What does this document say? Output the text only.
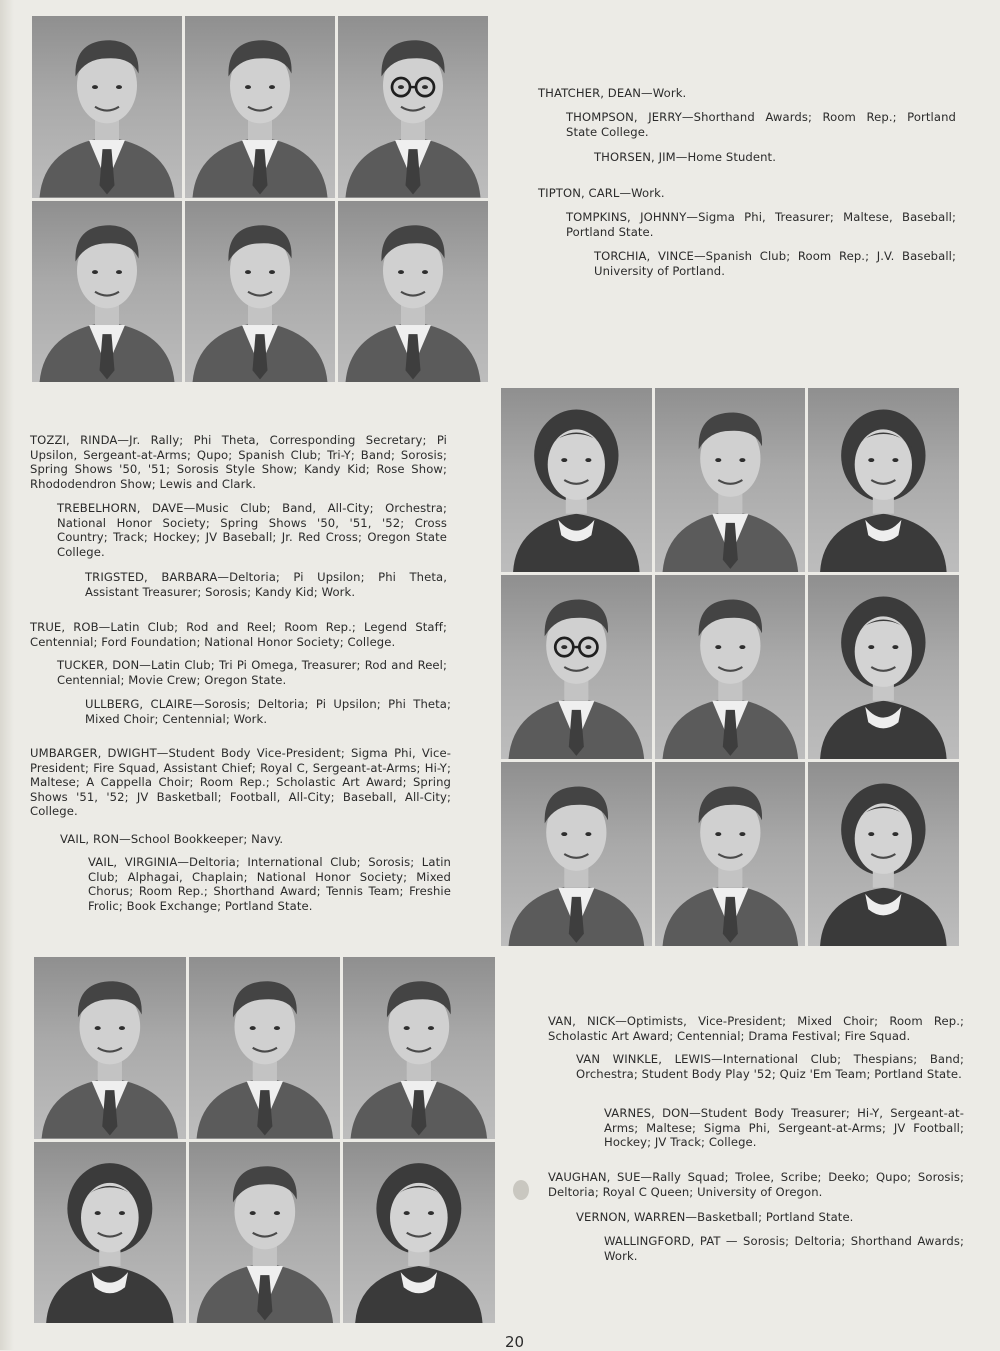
THATCHER, DEAN—Work.

THOMPSON, JERRY—Shorthand Awards; Room Rep.; Portland State College.

THORSEN, JIM—Home Student.

TIPTON, CARL—Work.

TOMPKINS, JOHNNY—Sigma Phi, Treasurer; Maltese, Baseball; Portland State.

TORCHIA, VINCE—Spanish Club; Room Rep.; J.V. Baseball; University of Portland.

TOZZI, RINDA—Jr. Rally; Phi Theta, Corresponding Secretary; Pi Upsilon, Sergeant-at-Arms; Qupo; Spanish Club; Tri-Y; Band; Sorosis; Spring Shows '50, '51; Sorosis Style Show; Kandy Kid; Rose Show; Rhododendron Show; Lewis and Clark.

TREBELHORN, DAVE—Music Club; Band, All-City; Orchestra; National Honor Society; Spring Shows '50, '51, '52; Cross Country; Track; Hockey; JV Baseball; Jr. Red Cross; Oregon State College.

TRIGSTED, BARBARA—Deltoria; Pi Upsilon; Phi Theta, Assistant Treasurer; Sorosis; Kandy Kid; Work.

TRUE, ROB—Latin Club; Rod and Reel; Room Rep.; Legend Staff; Centennial; Ford Foundation; National Honor Society; College.

TUCKER, DON—Latin Club; Tri Pi Omega, Treasurer; Rod and Reel; Centennial; Movie Crew; Oregon State.

ULLBERG, CLAIRE—Sorosis; Deltoria; Pi Upsilon; Phi Theta; Mixed Choir; Centennial; Work.

UMBARGER, DWIGHT—Student Body Vice-President; Sigma Phi, Vice-President; Fire Squad, Assistant Chief; Royal C, Sergeant-at-Arms; Hi-Y; Maltese; A Cappella Choir; Room Rep.; Scholastic Art Award; Spring Shows '51, '52; JV Basketball; Football, All-City; Baseball, All-City; College.

VAIL, RON—School Bookkeeper; Navy.

VAIL, VIRGINIA—Deltoria; International Club; Sorosis; Latin Club; Alphagai, Chaplain; National Honor Society; Mixed Chorus; Room Rep.; Shorthand Award; Tennis Team; Freshie Frolic; Book Exchange; Portland State.

VAN, NICK—Optimists, Vice-President; Mixed Choir; Room Rep.; Scholastic Art Award; Centennial; Drama Festival; Fire Squad.

VAN WINKLE, LEWIS—International Club; Thespians; Band; Orchestra; Student Body Play '52; Quiz 'Em Team; Portland State.

VARNES, DON—Student Body Treasurer; Hi-Y, Sergeant-at-Arms; Maltese; Sigma Phi, Sergeant-at-Arms; JV Football; Hockey; JV Track; College.

VAUGHAN, SUE—Rally Squad; Trolee, Scribe; Deeko; Qupo; Sorosis; Deltoria; Royal C Queen; University of Oregon.

VERNON, WARREN—Basketball; Portland State.

WALLINGFORD, PAT — Sorosis; Deltoria; Shorthand Awards; Work.

20
